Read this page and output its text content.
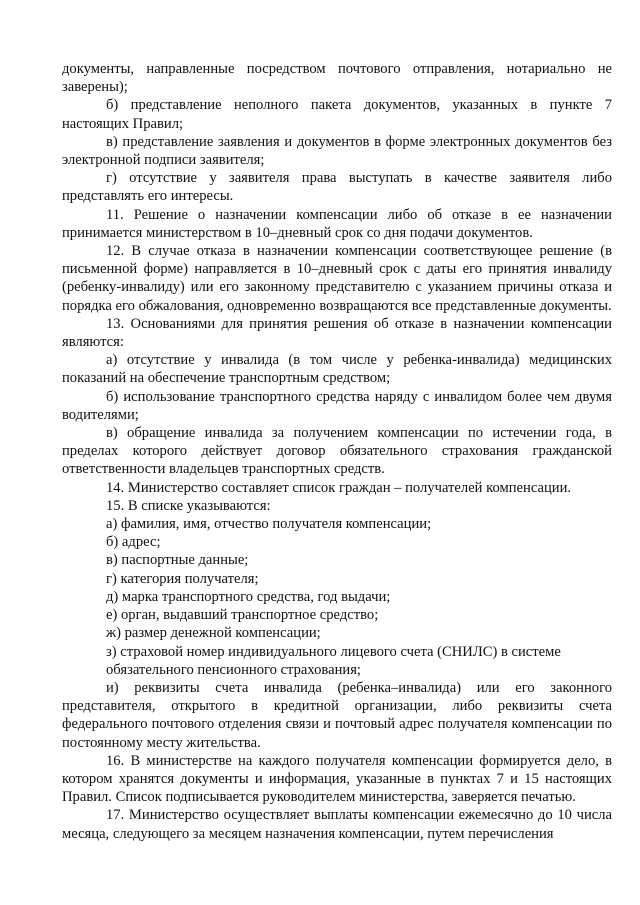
документы, направленные посредством почтового отправления, нотариально не заверены);

б) представление неполного пакета документов, указанных в пункте 7 настоящих Правил;

в) представление заявления и документов в форме электронных документов без электронной подписи заявителя;

г) отсутствие у заявителя права выступать в качестве заявителя либо представлять его интересы.

11. Решение о назначении компенсации либо об отказе в ее назначении принимается министерством в 10–дневный срок со дня подачи документов.

12. В случае отказа в назначении компенсации соответствующее решение (в письменной форме) направляется в 10–дневный срок с даты его принятия инвалиду (ребенку-инвалиду) или его законному представителю с указанием причины отказа и порядка его обжалования, одновременно возвращаются все представленные документы.

13. Основаниями для принятия решения об отказе в назначении компенсации являются:

а) отсутствие у инвалида (в том числе у ребенка-инвалида) медицинских показаний на обеспечение транспортным средством;

б) использование транспортного средства наряду с инвалидом более чем двумя водителями;

в) обращение инвалида за получением компенсации по истечении года, в пределах которого действует договор обязательного страхования гражданской ответственности владельцев транспортных средств.

14. Министерство составляет список граждан – получателей компенсации.

15. В списке указываются:

а) фамилия, имя, отчество получателя компенсации;

б) адрес;

в) паспортные данные;

г) категория получателя;

д) марка транспортного средства, год выдачи;

е) орган, выдавший транспортное средство;

ж) размер денежной компенсации;

з) страховой номер индивидуального лицевого счета (СНИЛС) в системе обязательного пенсионного страхования;

и) реквизиты счета инвалида (ребенка–инвалида) или его законного представителя, открытого в кредитной организации, либо реквизиты счета федерального почтового отделения связи и почтовый адрес получателя компенсации по постоянному месту жительства.

16. В министерстве на каждого получателя компенсации формируется дело, в котором хранятся документы и информация, указанные в пунктах 7 и 15 настоящих Правил. Список подписывается руководителем министерства, заверяется печатью.

17. Министерство осуществляет выплаты компенсации ежемесячно до 10 числа месяца, следующего за месяцем назначения компенсации, путем перечисления
